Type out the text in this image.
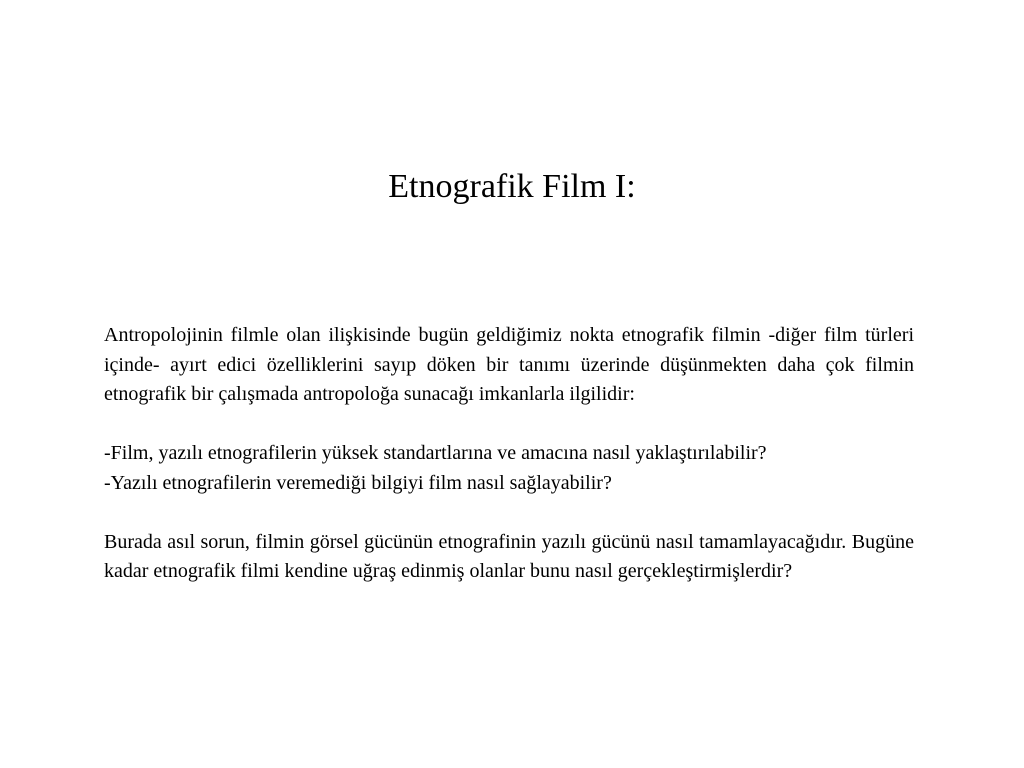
Etnografik Film I:

Antropolojinin filmle olan ilişkisinde bugün geldiğimiz nokta etnografik filmin -diğer film türleri içinde- ayırt edici özelliklerini sayıp döken bir tanımı üzerinde düşünmekten daha çok filmin etnografik bir çalışmada antropoloğa sunacağı imkanlarla ilgilidir:

-Film, yazılı etnografilerin yüksek standartlarına ve amacına nasıl yaklaştırılabilir?

-Yazılı etnografilerin veremediği bilgiyi film nasıl sağlayabilir?

Burada asıl sorun, filmin görsel gücünün etnografinin yazılı gücünü nasıl tamamlayacağıdır. Bugüne kadar etnografik filmi kendine uğraş edinmiş olanlar bunu nasıl gerçekleştirmişlerdir?
